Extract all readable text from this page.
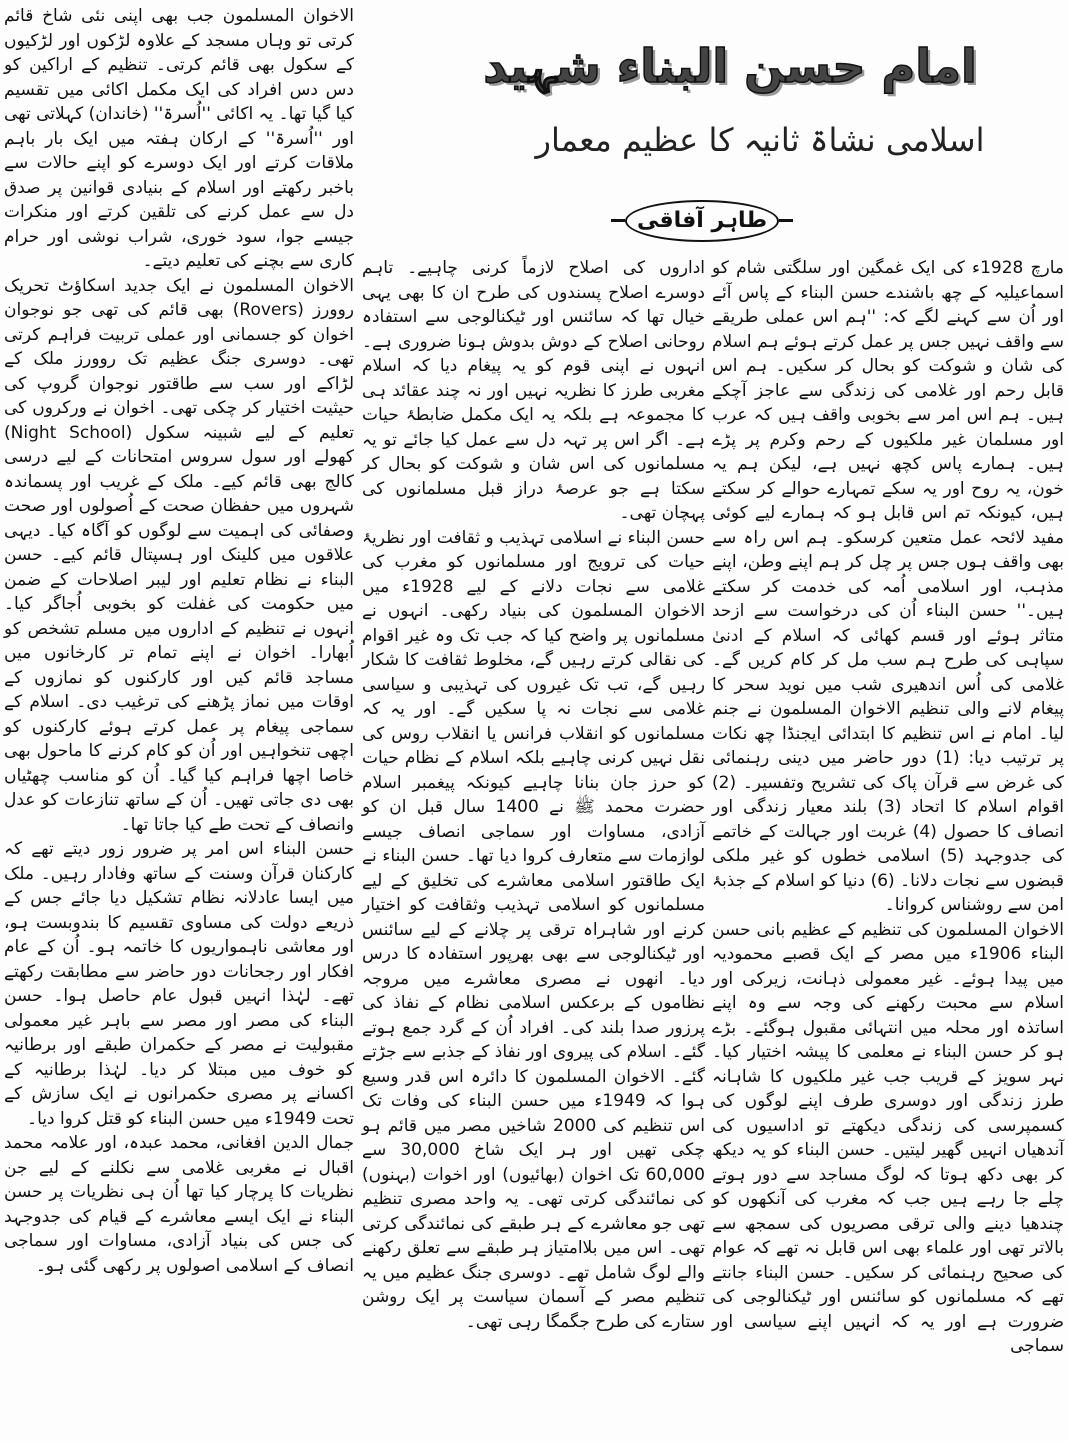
امام حسن البناء شہید
اسلامی نشاۃ ثانیہ کا عظیم معمار
طاہر آفاقی

مارچ 1928ء کی ایک غمگین اور سلگتی شام کو اسماعیلیہ کے چھ باشندے حسن البناء کے پاس آئے اور اُن سے کہنے لگے کہ: ''ہم اس عملی طریقے سے واقف نہیں جس پر عمل کرتے ہوئے ہم اسلام کی شان و شوکت کو بحال کر سکیں۔ ہم اس قابل رحم اور غلامی کی زندگی سے عاجز آچکے ہیں۔ ہم اس امر سے بخوبی واقف ہیں کہ عرب اور مسلمان غیر ملکیوں کے رحم وکرم پر پڑے ہیں۔ ہمارے پاس کچھ نہیں ہے، لیکن ہم یہ خون، یہ روح اور یہ سکے تمہارے حوالے کر سکتے ہیں، کیونکہ تم اس قابل ہو کہ ہمارے لیے کوئی مفید لائحہ عمل متعین کرسکو۔ ہم اس راہ سے بھی واقف ہوں جس پر چل کر ہم اپنے وطن، اپنے مذہب، اور اسلامی اُمہ کی خدمت کر سکتے ہیں۔'' حسن البناء اُن کی درخواست سے ازحد متاثر ہوئے اور قسم کھائی کہ اسلام کے ادنیٰ سپاہی کی طرح ہم سب مل کر کام کریں گے۔ غلامی کی اُس اندھیری شب میں نوید سحر کا پیغام لانے والی تنظیم الاخوان المسلمون نے جنم لیا۔ امام نے اس تنظیم کا ابتدائی ایجنڈا چھ نکات پر ترتیب دیا: (1) دور حاضر میں دینی رہنمائی کی غرض سے قرآن پاک کی تشریح وتفسیر۔ (2) اقوام اسلام کا اتحاد (3) بلند معیار زندگی اور انصاف کا حصول (4) غربت اور جہالت کے خاتمے کی جدوجہد (5) اسلامی خطوں کو غیر ملکی قبضوں سے نجات دلانا۔ (6) دنیا کو اسلام کے جذبۂ امن سے روشناس کروانا۔

الاخوان المسلمون کی تنظیم کے عظیم بانی حسن البناء 1906ء میں مصر کے ایک قصبے محمودیہ میں پیدا ہوئے۔ غیر معمولی ذہانت، زیرکی اور اسلام سے محبت رکھنے کی وجہ سے وہ اپنے اساتذہ اور محلہ میں انتہائی مقبول ہوگئے۔ بڑے ہو کر حسن البناء نے معلمی کا پیشہ اختیار کیا۔ نہر سویز کے قریب جب غیر ملکیوں کا شاہانہ طرز زندگی اور دوسری طرف اپنے لوگوں کی کسمپرسی کی زندگی دیکھتے تو اداسیوں کی آندھیاں انہیں گھیر لیتیں۔ حسن البناء کو یہ دیکھ کر بھی دکھ ہوتا کہ لوگ مساجد سے دور ہوتے چلے جا رہے ہیں جب کہ مغرب کی آنکھوں کو چندھیا دینے والی ترقی مصریوں کی سمجھ سے بالاتر تھی اور علماء بھی اس قابل نہ تھے کہ عوام کی صحیح رہنمائی کر سکیں۔ حسن البناء جانتے تھے کہ مسلمانوں کو سائنس اور ٹیکنالوجی کی ضرورت ہے اور یہ کہ انہیں اپنے سیاسی اور سماجی

اداروں کی اصلاح لازماً کرنی چاہیے۔ تاہم دوسرے اصلاح پسندوں کی طرح ان کا بھی یہی خیال تھا کہ سائنس اور ٹیکنالوجی سے استفادہ روحانی اصلاح کے دوش بدوش ہونا ضروری ہے۔ انہوں نے اپنی قوم کو یہ پیغام دیا کہ اسلام مغربی طرز کا نظریہ نہیں اور نہ چند عقائد ہی کا مجموعہ ہے بلکہ یہ ایک مکمل ضابطۂ حیات ہے۔ اگر اس پر تہہ دل سے عمل کیا جائے تو یہ مسلمانوں کی اس شان و شوکت کو بحال کر سکتا ہے جو عرصۂ دراز قبل مسلمانوں کی پہچان تھی۔

حسن البناء نے اسلامی تہذیب و ثقافت اور نظریۂ حیات کی ترویج اور مسلمانوں کو مغرب کی غلامی سے نجات دلانے کے لیے 1928ء میں الاخوان المسلمون کی بنیاد رکھی۔ انہوں نے مسلمانوں پر واضح کیا کہ جب تک وہ غیر اقوام کی نقالی کرتے رہیں گے، مخلوط ثقافت کا شکار رہیں گے، تب تک غیروں کی تہذیبی و سیاسی غلامی سے نجات نہ پا سکیں گے۔ اور یہ کہ مسلمانوں کو انقلاب فرانس یا انقلاب روس کی نقل نہیں کرنی چاہیے بلکہ اسلام کے نظام حیات کو حرز جان بنانا چاہیے کیونکہ پیغمبر اسلام حضرت محمد ﷺ نے 1400 سال قبل ان کو آزادی، مساوات اور سماجی انصاف جیسے لوازمات سے متعارف کروا دیا تھا۔ حسن البناء نے ایک طاقتور اسلامی معاشرے کی تخلیق کے لیے مسلمانوں کو اسلامی تہذیب وثقافت کو اختیار کرنے اور شاہراہ ترقی پر چلانے کے لیے سائنس اور ٹیکنالوجی سے بھی بھرپور استفادہ کا درس دیا۔ انھوں نے مصری معاشرے میں مروجہ نظاموں کے برعکس اسلامی نظام کے نفاذ کی پرزور صدا بلند کی۔ افراد اُن کے گرد جمع ہوتے گئے۔ اسلام کی پیروی اور نفاذ کے جذبے سے جڑتے گئے۔ الاخوان المسلمون کا دائرہ اس قدر وسیع ہوا کہ 1949ء میں حسن البناء کی وفات تک اس تنظیم کی 2000 شاخیں مصر میں قائم ہو چکی تھیں اور ہر ایک شاخ 30,000 سے 60,000 تک اخوان (بھائیوں) اور اخوات (بہنوں) کی نمائندگی کرتی تھی۔ یہ واحد مصری تنظیم تھی جو معاشرے کے ہر طبقے کی نمائندگی کرتی تھی۔ اس میں بلاامتیاز ہر طبقے سے تعلق رکھنے والے لوگ شامل تھے۔ دوسری جنگ عظیم میں یہ تنظیم مصر کے آسمان سیاست پر ایک روشن ستارے کی طرح جگمگا رہی تھی۔

الاخوان المسلمون جب بھی اپنی نئی شاخ قائم کرتی تو وہاں مسجد کے علاوہ لڑکوں اور لڑکیوں کے سکول بھی قائم کرتی۔ تنظیم کے اراکین کو دس دس افراد کی ایک مکمل اکائی میں تقسیم کیا گیا تھا۔ یہ اکائی ''اُسرۃ'' (خاندان) کہلاتی تھی اور ''اُسرۃ'' کے ارکان ہفتہ میں ایک بار باہم ملاقات کرتے اور ایک دوسرے کو اپنے حالات سے باخبر رکھتے اور اسلام کے بنیادی قوانین پر صدق دل سے عمل کرنے کی تلقین کرتے اور منکرات جیسے جوا، سود خوری، شراب نوشی اور حرام کاری سے بچنے کی تعلیم دیتے۔

الاخوان المسلمون نے ایک جدید اسکاؤٹ تحریک روورز (Rovers) بھی قائم کی تھی جو نوجوان اخوان کو جسمانی اور عملی تربیت فراہم کرتی تھی۔ دوسری جنگ عظیم تک روورز ملک کے لڑاکے اور سب سے طاقتور نوجوان گروپ کی حیثیت اختیار کر چکی تھی۔ اخوان نے ورکروں کی تعلیم کے لیے شبینہ سکول (Night School) کھولے اور سول سروس امتحانات کے لیے درسی کالج بھی قائم کیے۔ ملک کے غریب اور پسماندہ شہروں میں حفظان صحت کے اُصولوں اور صحت وصفائی کی اہمیت سے لوگوں کو آگاہ کیا۔ دیہی علاقوں میں کلینک اور ہسپتال قائم کیے۔ حسن البناء نے نظام تعلیم اور لیبر اصلاحات کے ضمن میں حکومت کی غفلت کو بخوبی اُجاگر کیا۔ انہوں نے تنظیم کے اداروں میں مسلم تشخص کو اُبھارا۔ اخوان نے اپنے تمام تر کارخانوں میں مساجد قائم کیں اور کارکنوں کو نمازوں کے اوقات میں نماز پڑھنے کی ترغیب دی۔ اسلام کے سماجی پیغام پر عمل کرتے ہوئے کارکنوں کو اچھی تنخواہیں اور اُن کو کام کرنے کا ماحول بھی خاصا اچھا فراہم کیا گیا۔ اُن کو مناسب چھٹیاں بھی دی جاتی تھیں۔ اُن کے ساتھ تنازعات کو عدل وانصاف کے تحت طے کیا جاتا تھا۔

حسن البناء اس امر پر ضرور زور دیتے تھے کہ کارکنان قرآن وسنت کے ساتھ وفادار رہیں۔ ملک میں ایسا عادلانہ نظام تشکیل دیا جائے جس کے ذریعے دولت کی مساوی تقسیم کا بندوبست ہو، اور معاشی ناہمواریوں کا خاتمہ ہو۔ اُن کے عام افکار اور رجحانات دور حاضر سے مطابقت رکھتے تھے۔ لہٰذا انہیں قبول عام حاصل ہوا۔ حسن البناء کی مصر اور مصر سے باہر غیر معمولی مقبولیت نے مصر کے حکمران طبقے اور برطانیہ کو خوف میں مبتلا کر دیا۔ لہٰذا برطانیہ کے اکسانے پر مصری حکمرانوں نے ایک سازش کے تحت 1949ء میں حسن البناء کو قتل کروا دیا۔

جمال الدین افغانی، محمد عبدہ، اور علامہ محمد اقبال نے مغربی غلامی سے نکلنے کے لیے جن نظریات کا پرچار کیا تھا اُن ہی نظریات پر حسن البناء نے ایک ایسے معاشرے کے قیام کی جدوجہد کی جس کی بنیاد آزادی، مساوات اور سماجی انصاف کے اسلامی اصولوں پر رکھی گئی ہو۔
